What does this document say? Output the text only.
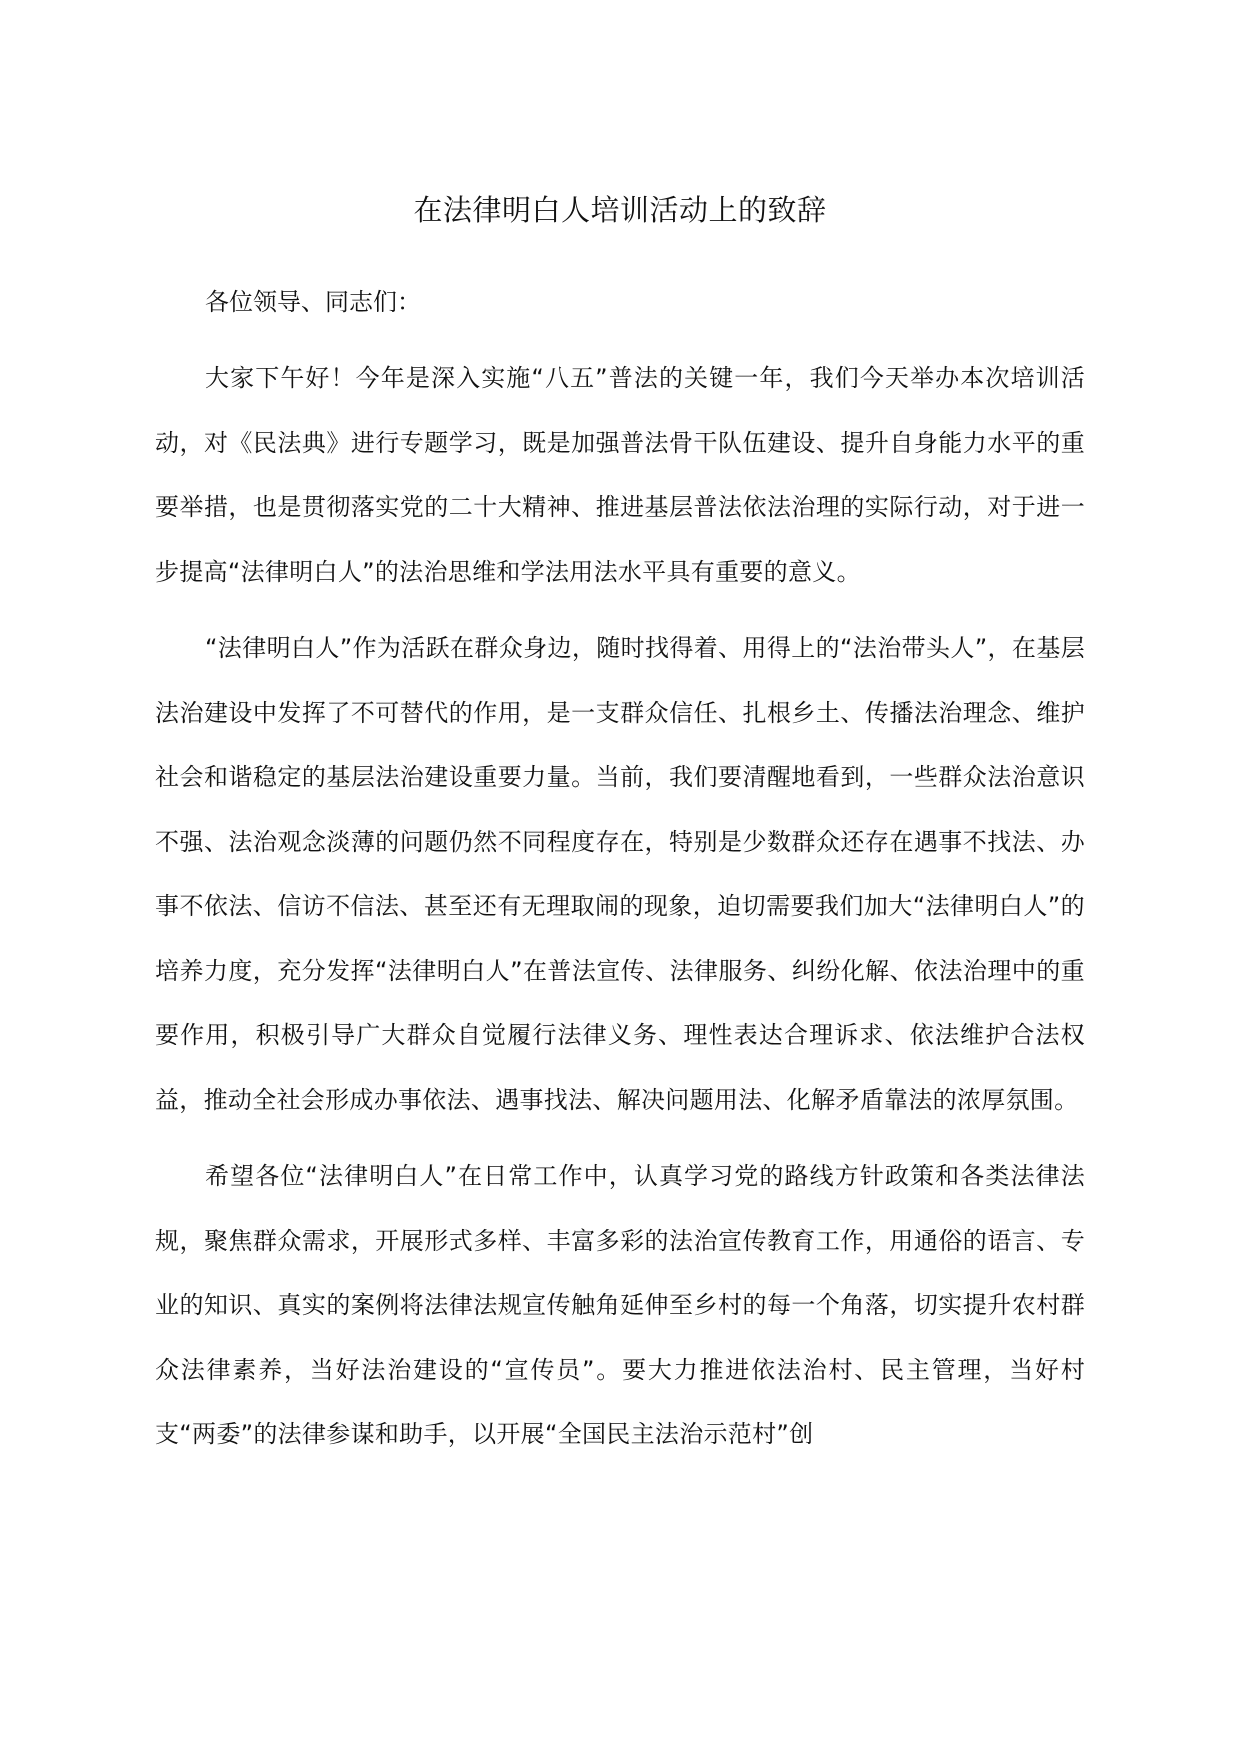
在法律明白人培训活动上的致辞

各位领导、同志们：

大家下午好！今年是深入实施“八五”普法的关键一年，我们今天举办本次培训活动，对《民法典》进行专题学习，既是加强普法骨干队伍建设、提升自身能力水平的重要举措，也是贯彻落实党的二十大精神、推进基层普法依法治理的实际行动，对于进一步提高“法律明白人”的法治思维和学法用法水平具有重要的意义。

“法律明白人”作为活跃在群众身边，随时找得着、用得上的“法治带头人”，在基层法治建设中发挥了不可替代的作用，是一支群众信任、扎根乡土、传播法治理念、维护社会和谐稳定的基层法治建设重要力量。当前，我们要清醒地看到，一些群众法治意识不强、法治观念淡薄的问题仍然不同程度存在，特别是少数群众还存在遇事不找法、办事不依法、信访不信法、甚至还有无理取闹的现象，迫切需要我们加大“法律明白人”的培养力度，充分发挥“法律明白人”在普法宣传、法律服务、纠纷化解、依法治理中的重要作用，积极引导广大群众自觉履行法律义务、理性表达合理诉求、依法维护合法权益，推动全社会形成办事依法、遇事找法、解决问题用法、化解矛盾靠法的浓厚氛围。

希望各位“法律明白人”在日常工作中，认真学习党的路线方针政策和各类法律法规，聚焦群众需求，开展形式多样、丰富多彩的法治宣传教育工作，用通俗的语言、专业的知识、真实的案例将法律法规宣传触角延伸至乡村的每一个角落，切实提升农村群众法律素养，当好法治建设的“宣传员”。要大力推进依法治村、民主管理，当好村支“两委”的法律参谋和助手，以开展“全国民主法治示范村”创
